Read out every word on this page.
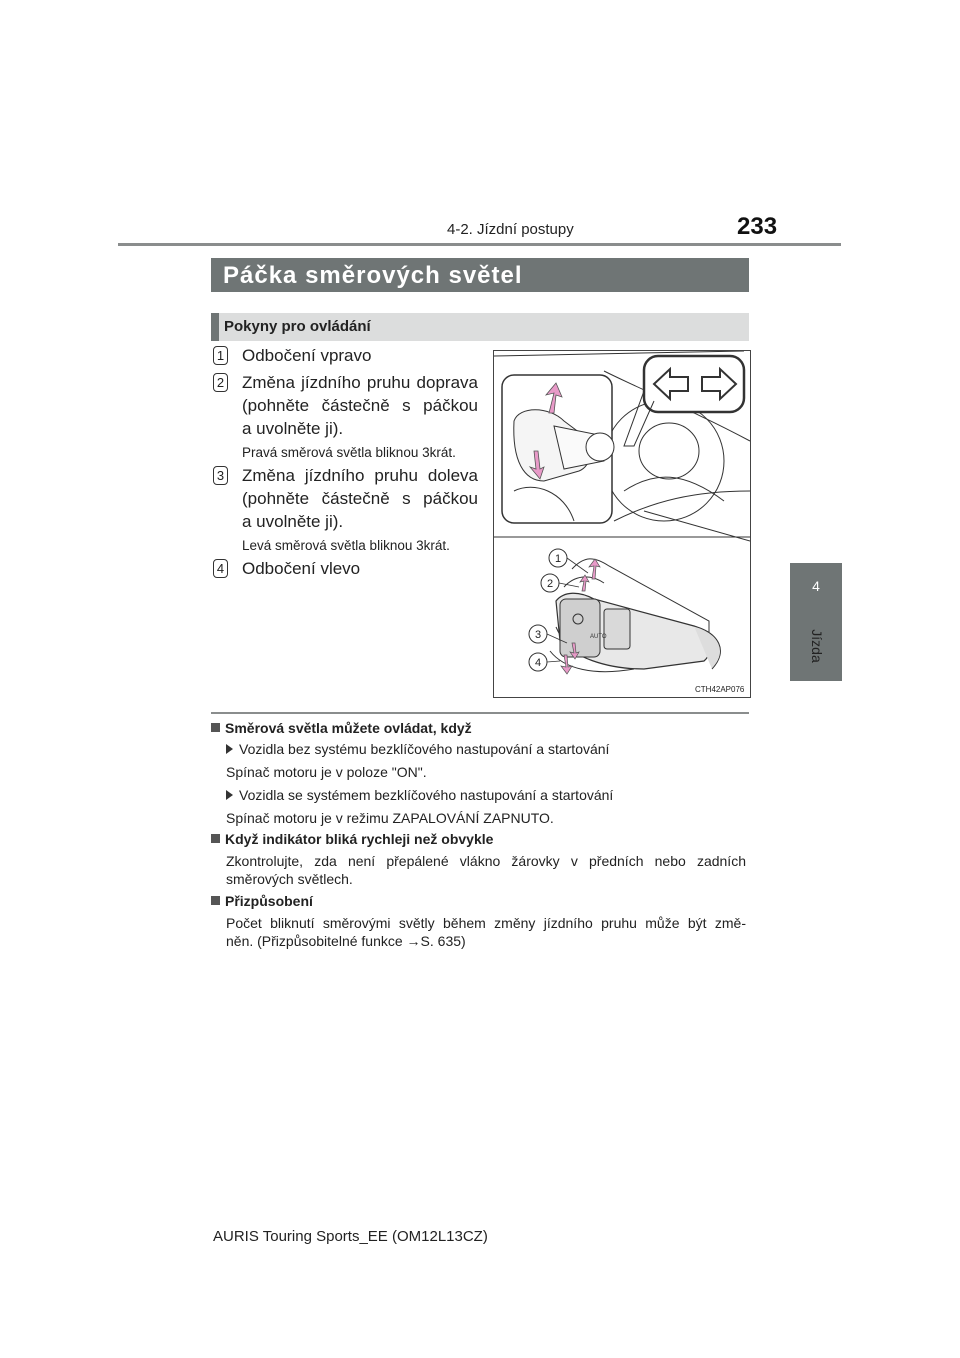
4-2. Jízdní postupy	233
4
Jízda
Páčka směrových světel
Pokyny pro ovládání
1 Odbočení vpravo
2 Změna jízdního pruhu doprava
(pohněte částečně s páčkou
a uvolněte ji).
Pravá směrová světla bliknou 3krát.
3 Změna jízdního pruhu doleva
(pohněte částečně s páčkou
a uvolněte ji).
Levá směrová světla bliknou 3krát.
4 Odbočení vlevo
AUTO
1
2
3
4
CTH42AP076
Směrová světla můžete ovládat, když
Vozidla bez systému bezklíčového nastupování a startování
Spínač motoru je v poloze "ON".
Vozidla se systémem bezklíčového nastupování a startování
Spínač motoru je v režimu ZAPALOVÁNÍ ZAPNUTO.
Když indikátor bliká rychleji než obvykle
Zkontrolujte, zda není přepálené vlákno žárovky v předních nebo zadních
směrových světlech.
Přizpůsobení
Počet bliknutí směrovými světly během změny jízdního pruhu může být změ-
něn. (Přizpůsobitelné funkce →S. 635)
AURIS Touring Sports_EE (OM12L13CZ)
